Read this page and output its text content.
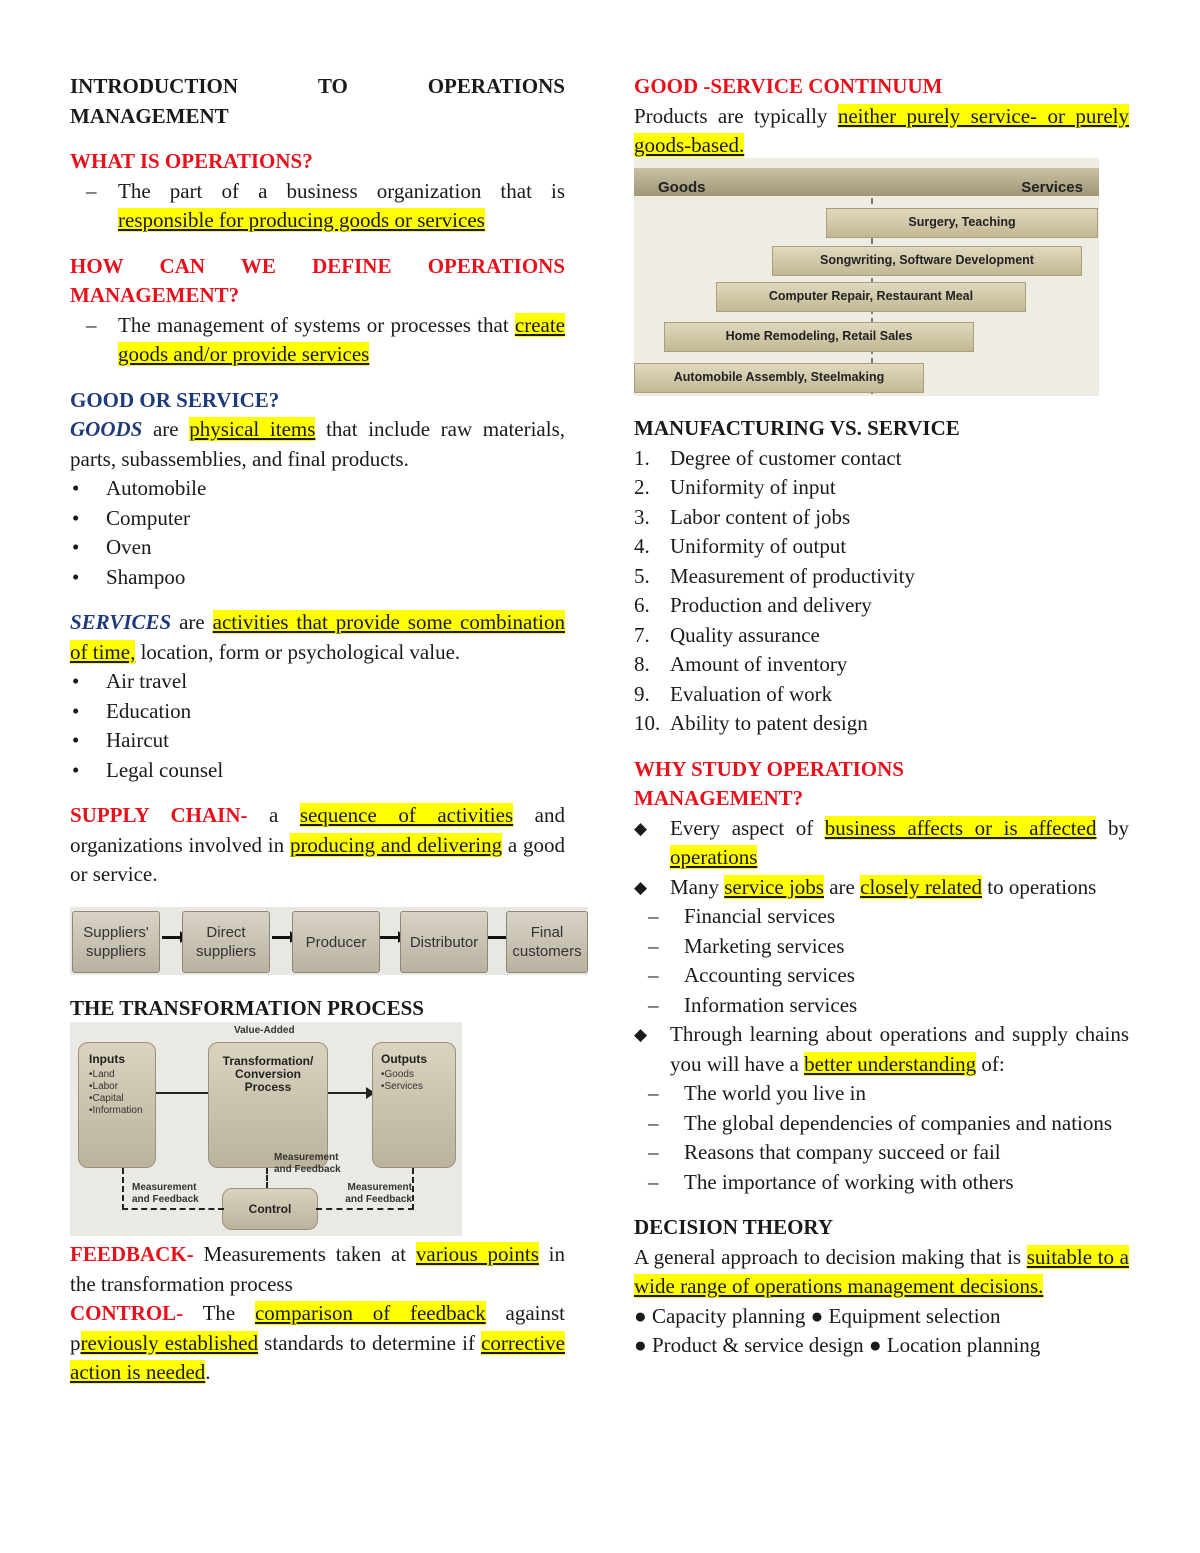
INTRODUCTION	TO	OPERATIONS
MANAGEMENT
WHAT IS OPERATIONS?
– The part of a business organization that is responsible for producing goods or services
HOW CAN WE DEFINE OPERATIONS MANAGEMENT?
– The management of systems or processes that create goods and/or provide services
GOOD OR SERVICE?

GOODS are physical items that include raw materials, parts, subassemblies, and final products.

• Automobile
• Computer
• Oven
• Shampoo

SERVICES are activities that provide some combination of time, location, form or psychological value.

• Air travel
• Education
• Haircut
• Legal counsel

SUPPLY CHAIN- a sequence of activities and organizations involved in producing and delivering a good or service.

Suppliers' suppliers
Direct suppliers
Producer	Distributor
Final customers
THE TRANSFORMATION PROCESS
Value-Added
Inputs
•Land
•Labor
•Capital
•Information
Transformation/ Conversion Process
Outputs
•Goods
•Services
Control
Measurement and Feedback
Measurement and Feedback
Measurement and Feedback

FEEDBACK- Measurements taken at various points in the transformation process

CONTROL- The comparison of feedback against previously established standards to determine if corrective action is needed.

GOOD -SERVICE CONTINUUM

Products are typically neither purely service- or purely goods-based.

Goods	Services
Surgery, Teaching
Songwriting, Software Development
Computer Repair, Restaurant Meal
Home Remodeling, Retail Sales
Automobile Assembly, Steelmaking
MANUFACTURING VS. SERVICE
1. Degree of customer contact
2. Uniformity of input
3. Labor content of jobs
4. Uniformity of output
5. Measurement of productivity
6. Production and delivery
7. Quality assurance
8. Amount of inventory
9. Evaluation of work
10. Ability to patent design
WHY STUDY OPERATIONS
MANAGEMENT?
◆ Every aspect of business affects or is affected by operations
◆ Many service jobs are closely related to operations
– Financial services
– Marketing services
– Accounting services
– Information services
◆ Through learning about operations and supply chains you will have a better understanding of:
– The world you live in
– The global dependencies of companies and nations
– Reasons that company succeed or fail
– The importance of working with others
DECISION THEORY

A general approach to decision making that is suitable to a wide range of operations management decisions.

● Capacity planning ● Equipment selection
● Product & service design ● Location planning
